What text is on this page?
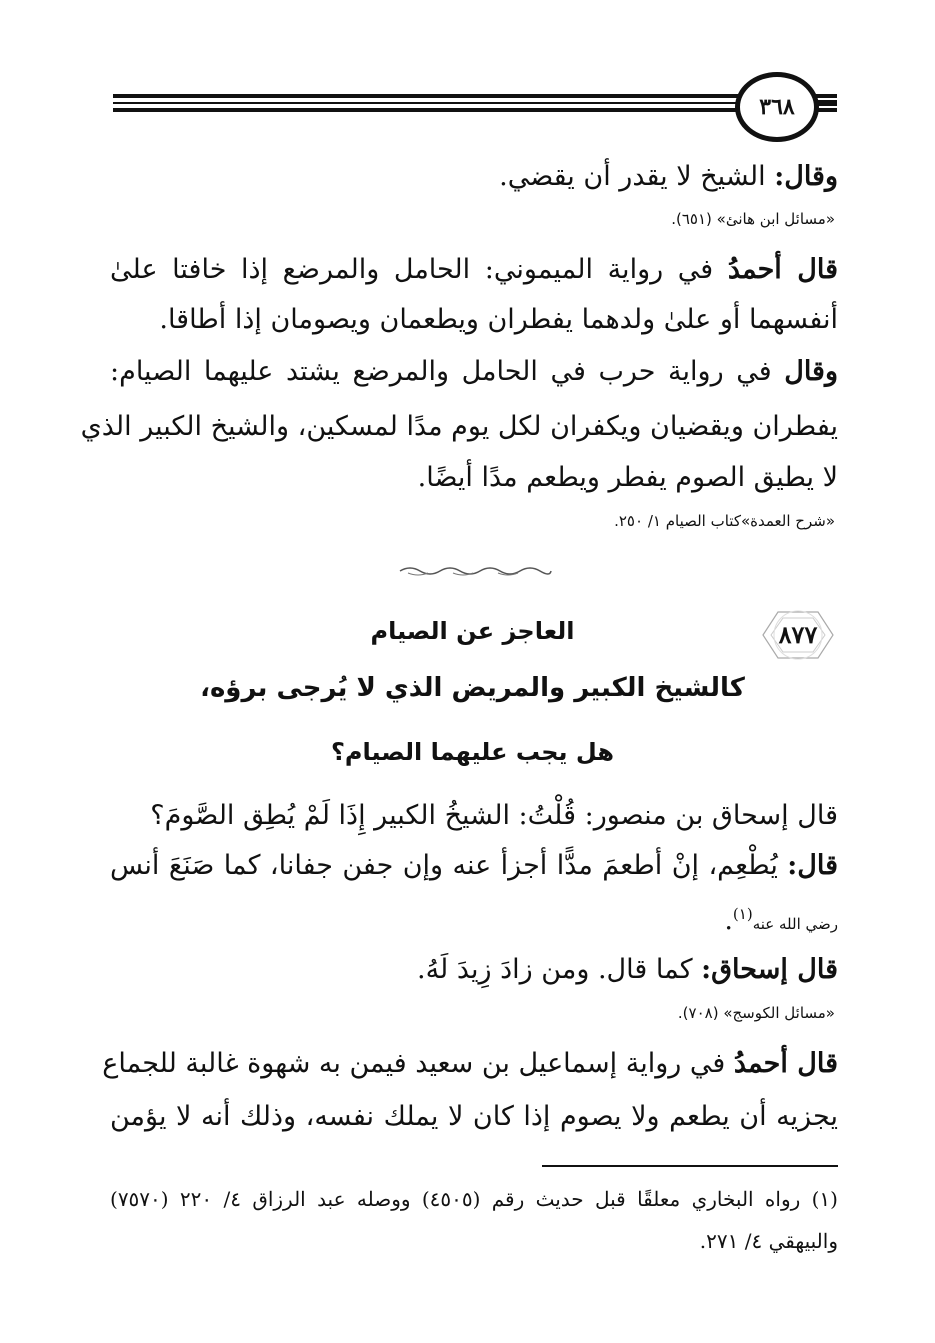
٣٦٨
وقال: الشيخ لا يقدر أن يقضي.
«مسائل ابن هانئ» (٦٥١).
قال أحمدُ في رواية الميموني: الحامل والمرضع إذا خافتا علىٰ
أنفسهما أو علىٰ ولدهما يفطران ويطعمان ويصومان إذا أطاقا.
وقال في رواية حرب في الحامل والمرضع يشتد عليهما الصيام:
يفطران ويقضيان ويكفران لكل يوم مدًا لمسكين، والشيخ الكبير الذي
لا يطيق الصوم يفطر ويطعم مدًا أيضًا.
«شرح العمدة»كتاب الصيام ١/ ٢٥٠.
٨٧٧
العاجز عن الصيام
كالشيخ الكبير والمريض الذي لا يُرجى برؤه،
هل يجب عليهما الصيام؟
قال إسحاق بن منصور: قُلْتُ: الشيخُ الكبير إِذَا لَمْ يُطِق الصَّومَ؟
قال: يُطْعِم، إنْ أطعمَ مدًّا أجزأ عنه وإن جفن جفانا، كما صَنَعَ أنس
رضي الله عنه$^{(١)}$.
قال إسحاق: كما قال. ومن زادَ زِيدَ لَهُ.
«مسائل الكوسج» (٧٠٨).
قال أحمدُ في رواية إسماعيل بن سعيد فيمن به شهوة غالبة للجماع
يجزيه أن يطعم ولا يصوم إذا كان لا يملك نفسه، وذلك أنه لا يؤمن
(١) رواه البخاري معلقًا قبل حديث رقم (٤٥٠٥) ووصله عبد الرزاق ٤/ ٢٢٠ (٧٥٧٠)
والبيهقي ٤/ ٢٧١.
